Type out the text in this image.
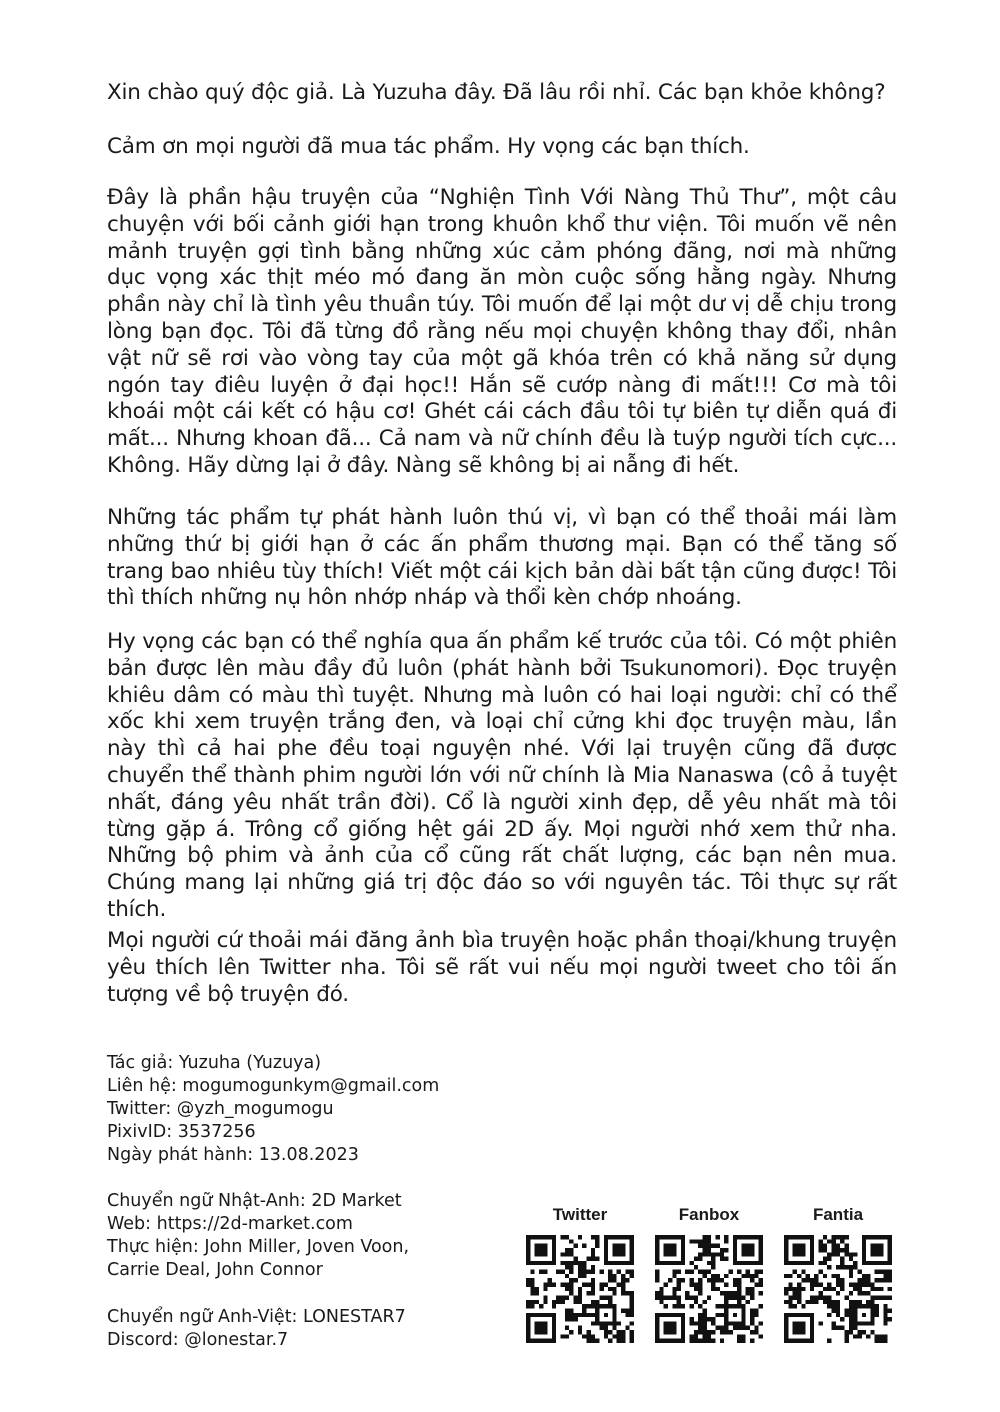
Xin chào quý độc giả. Là Yuzuha đây. Đã lâu rồi nhỉ. Các bạn khỏe không?

Cảm ơn mọi người đã mua tác phẩm. Hy vọng các bạn thích.

Đây là phần hậu truyện của “Nghiện Tình Với Nàng Thủ Thư”, một câu chuyện với bối cảnh giới hạn trong khuôn khổ thư viện. Tôi muốn vẽ nên mảnh truyện gợi tình bằng những xúc cảm phóng đãng, nơi mà những dục vọng xác thịt méo mó đang ăn mòn cuộc sống hằng ngày. Nhưng phần này chỉ là tình yêu thuần túy. Tôi muốn để lại một dư vị dễ chịu trong lòng bạn đọc. Tôi đã từng đồ rằng nếu mọi chuyện không thay đổi, nhân vật nữ sẽ rơi vào vòng tay của một gã khóa trên có khả năng sử dụng ngón tay điêu luyện ở đại học!! Hắn sẽ cướp nàng đi mất!!! Cơ mà tôi khoái một cái kết có hậu cơ! Ghét cái cách đầu tôi tự biên tự diễn quá đi mất... Nhưng khoan đã... Cả nam và nữ chính đều là tuýp người tích cực... Không. Hãy dừng lại ở đây. Nàng sẽ không bị ai nẫng đi hết.

Những tác phẩm tự phát hành luôn thú vị, vì bạn có thể thoải mái làm những thứ bị giới hạn ở các ấn phẩm thương mại. Bạn có thể tăng số trang bao nhiêu tùy thích! Viết một cái kịch bản dài bất tận cũng được! Tôi thì thích những nụ hôn nhớp nháp và thổi kèn chớp nhoáng.

Hy vọng các bạn có thể nghía qua ấn phẩm kế trước của tôi. Có một phiên bản được lên màu đầy đủ luôn (phát hành bởi Tsukunomori). Đọc truyện khiêu dâm có màu thì tuyệt. Nhưng mà luôn có hai loại người: chỉ có thể xốc khi xem truyện trắng đen, và loại chỉ cửng khi đọc truyện màu, lần này thì cả hai phe đều toại nguyện nhé. Với lại truyện cũng đã được chuyển thể thành phim người lớn với nữ chính là Mia Nanaswa (cô ả tuyệt nhất, đáng yêu nhất trần đời). Cổ là người xinh đẹp, dễ yêu nhất mà tôi từng gặp á. Trông cổ giống hệt gái 2D ấy. Mọi người nhớ xem thử nha. Những bộ phim và ảnh của cổ cũng rất chất lượng, các bạn nên mua. Chúng mang lại những giá trị độc đáo so với nguyên tác. Tôi thực sự rất thích.

Mọi người cứ thoải mái đăng ảnh bìa truyện hoặc phần thoại/khung truyện yêu thích lên Twitter nha. Tôi sẽ rất vui nếu mọi người tweet cho tôi ấn tượng về bộ truyện đó.

Tác giả: Yuzuha (Yuzuya)
Liên hệ: mogumogunkym@gmail.com
Twitter: @yzh_mogumogu
PixivID: 3537256
Ngày phát hành: 13.08.2023
Chuyển ngữ Nhật-Anh: 2D Market
Web: https://2d-market.com
Thực hiện: John Miller, Joven Voon,
Carrie Deal, John Connor
Chuyển ngữ Anh-Việt: LONESTAR7
Discord: @lonestar.7
Twitter	Fanbox	Fantia
